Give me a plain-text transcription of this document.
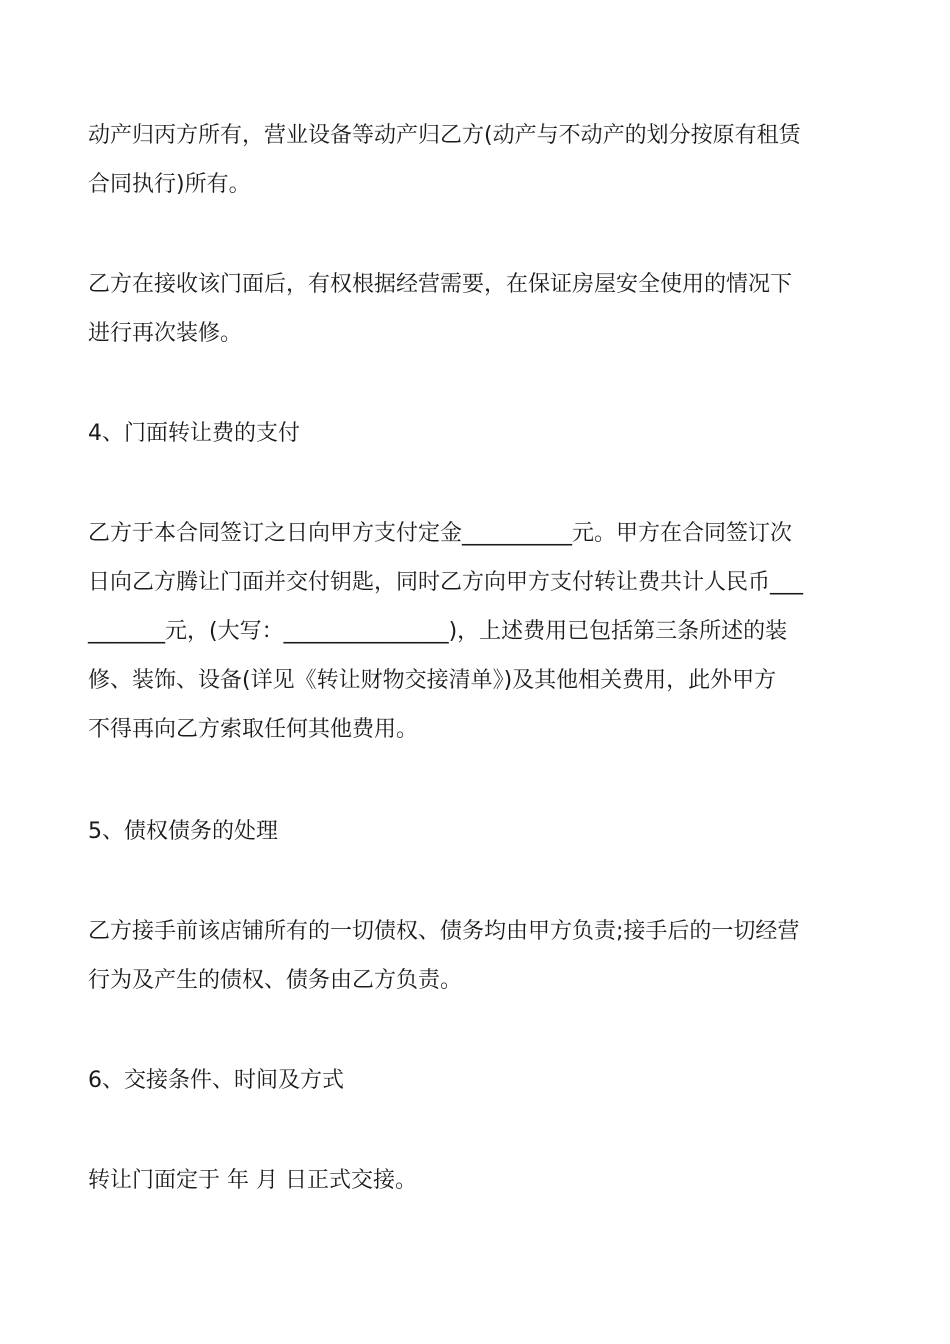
动产归丙方所有，营业设备等动产归乙方(动产与不动产的划分按原有租赁
合同执行)所有。

乙方在接收该门面后，有权根据经营需要，在保证房屋安全使用的情况下
进行再次装修。

4、门面转让费的支付

乙方于本合同签订之日向甲方支付定金__________元。甲方在合同签订次
日向乙方腾让门面并交付钥匙，同时乙方向甲方支付转让费共计人民币___
_______元，(大写：_______________)，上述费用已包括第三条所述的装
修、装饰、设备(详见《转让财物交接清单》)及其他相关费用，此外甲方
不得再向乙方索取任何其他费用。

5、债权债务的处理

乙方接手前该店铺所有的一切债权、债务均由甲方负责;接手后的一切经营
行为及产生的债权、债务由乙方负责。

6、交接条件、时间及方式

转让门面定于 年 月 日正式交接。
